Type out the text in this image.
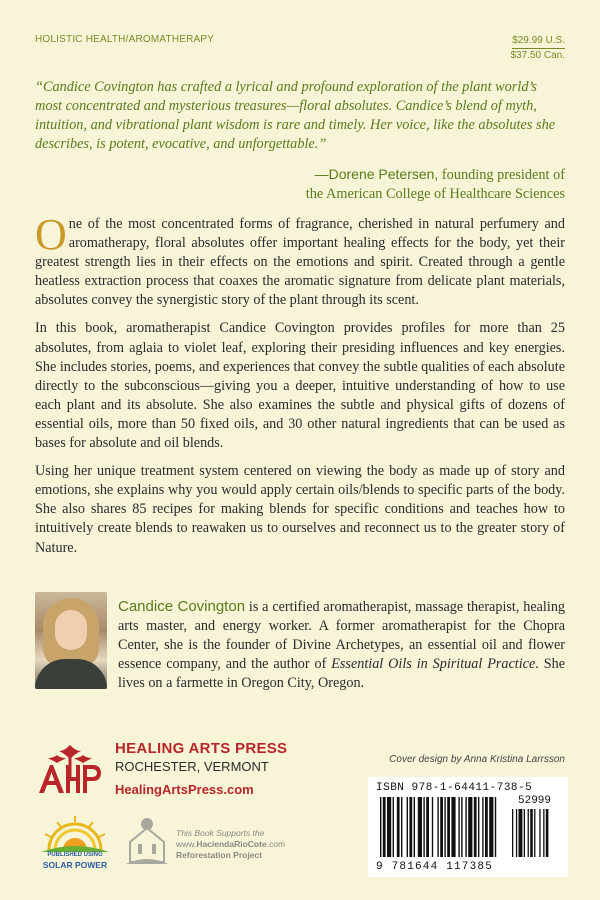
HOLISTIC HEALTH/AROMATHERAPY	$29.99 U.S.
$37.50 Can.
“Candice Covington has crafted a lyrical and profound exploration of the plant world’s most concentrated and mysterious treasures—floral absolutes. Candice’s blend of myth, intuition, and vibrational plant wisdom is rare and timely. Her voice, like the absolutes she describes, is potent, evocative, and unforgettable.”
—Dorene Petersen, founding president of
the American College of Healthcare Sciences

One of the most concentrated forms of fragrance, cherished in natural perfumery and aromatherapy, floral absolutes offer important healing effects for the body, yet their greatest strength lies in their effects on the emotions and spirit. Created through a gentle heatless extraction process that coaxes the aromatic signature from delicate plant materials, absolutes convey the synergistic story of the plant through its scent.

In this book, aromatherapist Candice Covington provides profiles for more than 25 absolutes, from aglaia to violet leaf, exploring their presiding influences and key energies. She includes stories, poems, and experiences that convey the subtle qualities of each absolute directly to the subconscious—giving you a deeper, intuitive understanding of how to use each plant and its absolute. She also examines the subtle and physical gifts of dozens of essential oils, more than 50 fixed oils, and 30 other natural ingredients that can be used as bases for absolute and oil blends.

Using her unique treatment system centered on viewing the body as made up of story and emotions, she explains why you would apply certain oils/blends to specific parts of the body. She also shares 85 recipes for making blends for specific conditions and teaches how to intuitively create blends to reawaken us to ourselves and reconnect us to the greater story of Nature.

Candice Covington is a certified aromatherapist, massage therapist, healing arts master, and energy worker. A former aromatherapist for the Chopra Center, she is the founder of Divine Archetypes, an essential oil and flower essence company, and the author of Essential Oils in Spiritual Practice. She lives on a farmette in Oregon City, Oregon.
HEALING ARTS PRESS
ROCHESTER, VERMONT
HealingArtsPress.com
Cover design by Anna Kristina Larrsson
ISBN 978-1-64411-738-5
52999
9 781644 117385
PUBLISHED USING
SOLAR POWER
This Book Supports the
www.HaciendaRioCote.com
Reforestation Project
